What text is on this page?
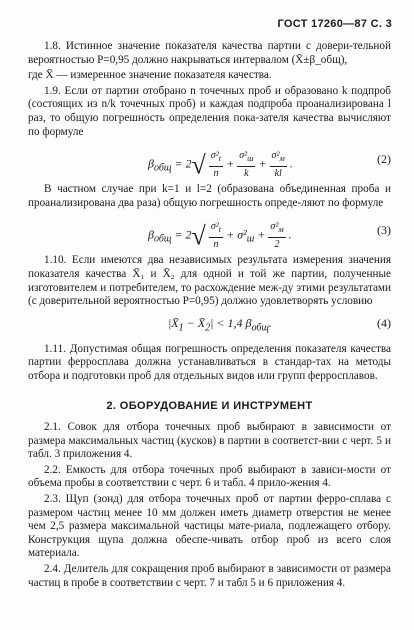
ГОСТ 17260—87 С. 3

1.8. Истинное значение показателя качества партии с довери-тельной вероятностью P=0,95 должно накрываться интервалом (X̄±β_общ),

где X̄ — измеренное значение показателя качества.

1.9. Если от партии отобрано n точечных проб и образовано k подпроб (состоящих из n/k точечных проб) и каждая подпроба проанализирована l раз, то общую погрешность определения пока-зателя качества вычисляют по формуле

$\beta_{общ} = 2√ \frac{\sigma^2_t}{n} + \frac{\sigma^2_ш}{k} + \frac{\sigma^2_м}{kl}$ .	(2)

В частном случае при k=1 и l=2 (образована объединенная проба и проанализирована два раза) общую погрешность опреде-ляют по формуле

$\beta_{общ} = 2√ \frac{\sigma^2_t}{n} + \sigma^2_ш + \frac{\sigma^2_м}{2}$ .	(3)

1.10. Если имеются два независимых результата измерения значения показателя качества X̄₁ и X̄₂ для одной и той же партии, полученные изготовителем и потребителем, то расхождение меж-ду этими результатами (с доверительной вероятностью P=0,95) должно удовлетворять условию

$|X̄_1$ − $X̄_2| < 1,4$ $\beta_{общ}$.	(4)

1.11. Допустимая общая погрешность определения показателя качества партии ферросплава должна устанавливаться в стандар-тах на методы отбора и подготовки проб для отдельных видов или групп ферросплавов.

2. ОБОРУДОВАНИЕ И ИНСТРУМЕНТ

2.1. Совок для отбора точечных проб выбирают в зависимости от размера максимальных частиц (кусков) в партии в соответст-вии с черт. 5 и табл. 3 приложения 4.

2.2. Емкость для отбора точечных проб выбирают в зависи-мости от объема пробы в соответствии с черт. 6 и табл. 4 прило-жения 4.

2.3. Щуп (зонд) для отбора точечных проб от партии ферро-сплава с размером частиц менее 10 мм должен иметь диаметр отверстия не менее чем 2,5 размера максимальной частицы мате-риала, подлежащего отбору. Конструкция щупа должна обеспе-чивать отбор проб из всего слоя материала.

2.4. Делитель для сокращения проб выбирают в зависимости от размера частиц в пробе в соответствии с черт. 7 и табл 5 и 6 приложения 4.
